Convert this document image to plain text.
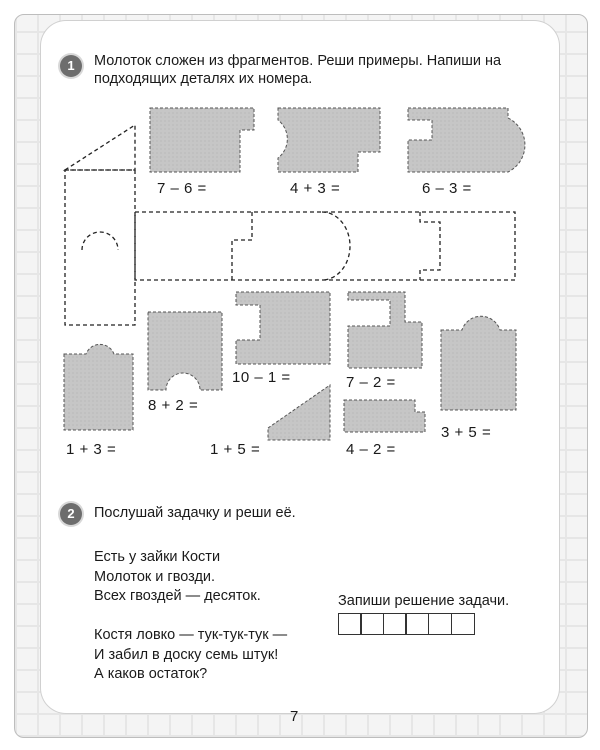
1	Молоток сложен из фрагментов. Реши примеры. Напиши на
подходящих деталях их номера.
7 – 6 =	4 + 3 =	6 – 3 =
10 – 1 =	7 – 2 =
8 + 2 =
1 + 3 =	1 + 5 =	4 – 2 =
3 + 5 =
2	Послушай задачку и реши её.
Есть у зайки Кости
Молоток и гвозди.
Всех гвоздей — десяток.
Костя ловко — тук-тук-тук —
И забил в доску семь штук!
А каков остаток?
Запиши решение задачи.
7
